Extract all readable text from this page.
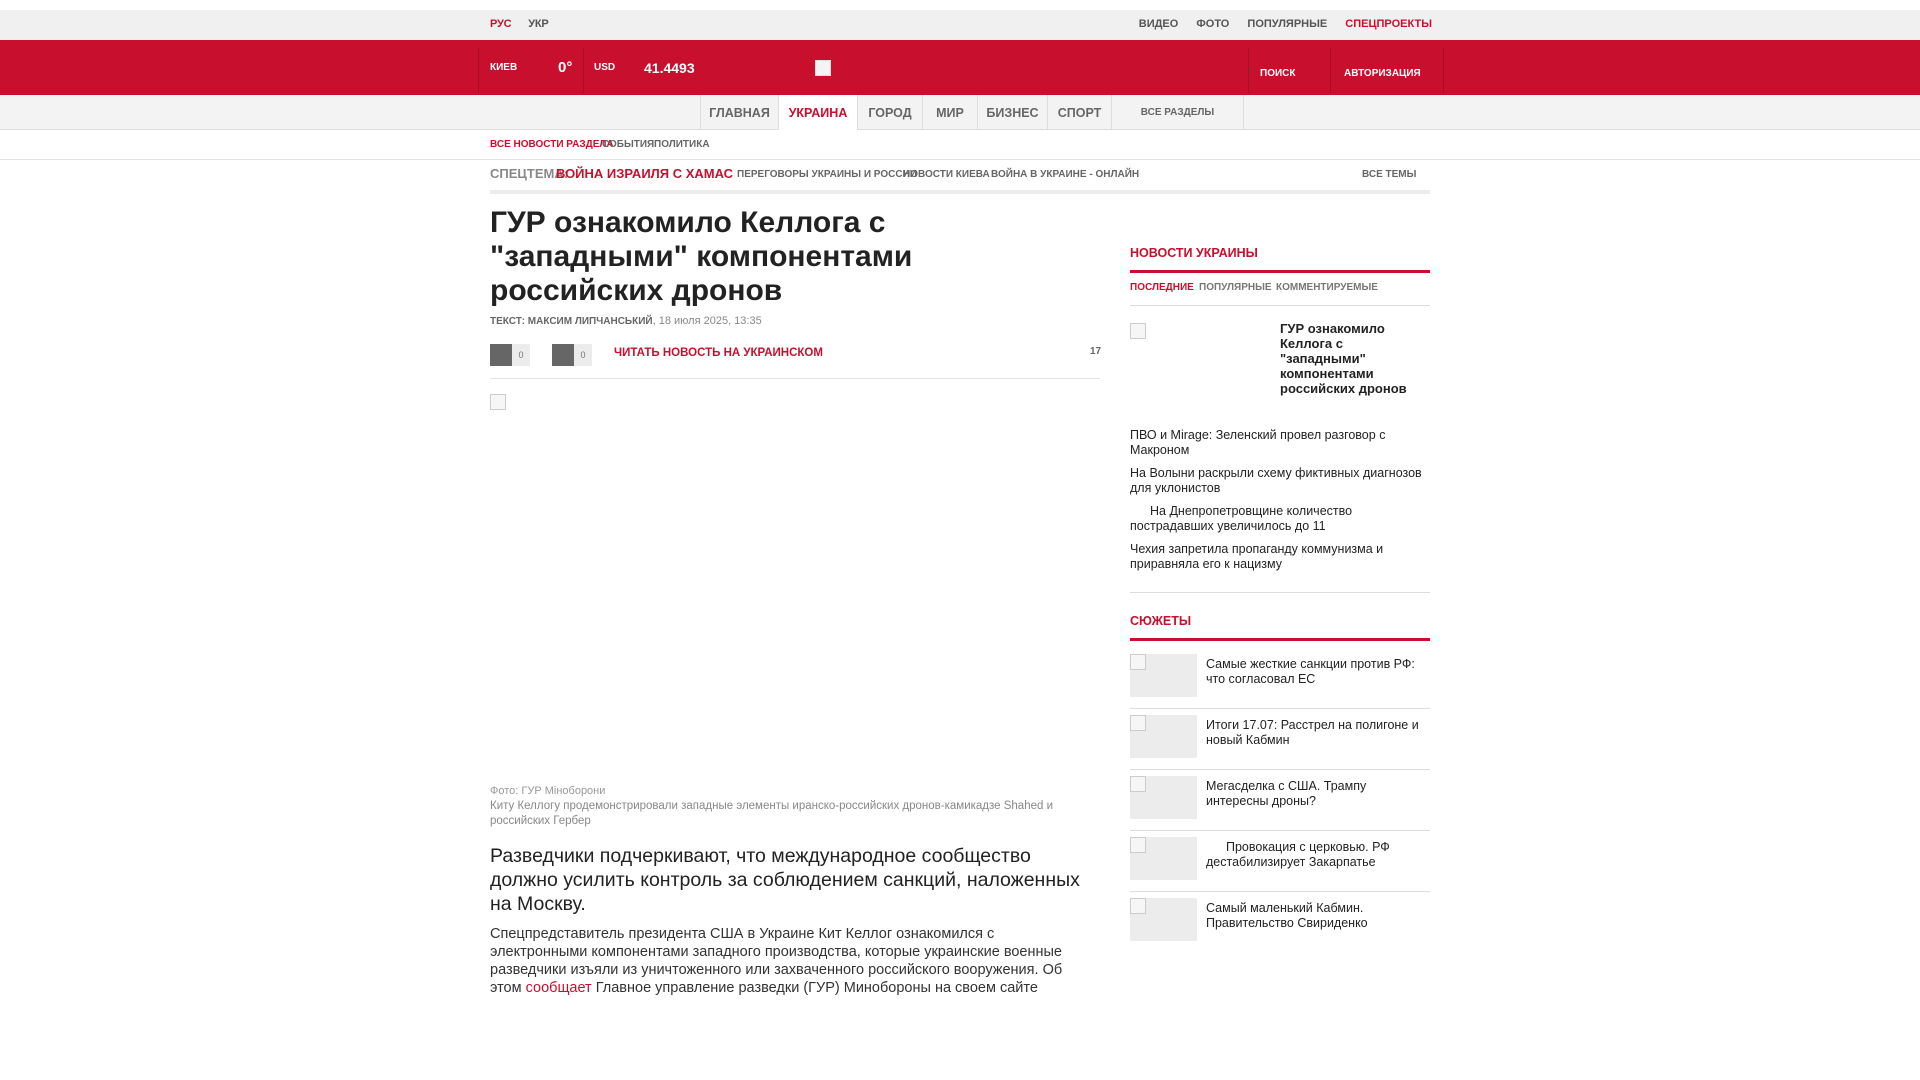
РУС УКР	ВИДЕО ФОТО ПОПУЛЯРНЫЕ СПЕЦПРОЕКТЫ
КИЕВ	0° USD 41.4493	ПОИСК	АВТОРИЗАЦИЯ
ГЛАВНАЯ	УКРАИНА	ГОРОД	МИР	БИЗНЕС	СПОРТ	ВСЕ РАЗДЕЛЫ
ВСЕ НОВОСТИ РАЗДЕЛА
СОБЫТИЯ ПОЛИТИКА
СПЕЦТЕМА:
ВОЙНА ИЗРАИЛЯ С ХАМАС ПЕРЕГОВОРЫ УКРАИНЫ И РОССИИ
НОВОСТИ КИЕВА ВОЙНА В УКРАИНЕ - ОНЛАЙН	ВСЕ ТЕМЫ
ГУР ознакомило Келлога с "западными" компонентами российских дронов
ТЕКСТ: МАКСИМ ЛИПЧАНСЬКИЙ, 18 июля 2025, 13:35
0	0	ЧИТАТЬ НОВОСТЬ НА УКРАИНСКОМ	17
Фото: ГУР Міноборони
Киту Келлогу продемонстрировали западные элементы иранско-российских дронов-камикадзе Shahed и российских Гербер

Разведчики подчеркивают, что международное сообщество должно усилить контроль за соблюдением санкций, наложенных на Москву.

Спецпредставитель президента США в Украине Кит Келлог ознакомился с электронными компонентами западного производства, которые украинские военные разведчики изъяли из уничтоженного или захваченного российского вооружения. Об этом сообщает Главное управление разведки (ГУР) Минобороны на своем сайте

НОВОСТИ УКРАИНЫ
ПОСЛЕДНИЕ ПОПУЛЯРНЫЕ КОММЕНТИРУЕМЫЕ
ГУР ознакомило Келлога с "западными" компонентами российских дронов
ПВО и Mirage: Зеленский провел разговор с Макроном
На Волыни раскрыли схему фиктивных диагнозов для уклонистов
На Днепропетровщине количество пострадавших увеличилось до 11
Чехия запретила пропаганду коммунизма и приравняла его к нацизму
СЮЖЕТЫ
Самые жесткие санкции против РФ: что согласовал ЕС
Итоги 17.07: Расстрел на полигоне и новый Кабмин
Мегасделка с США. Трампу интересны дроны?
Провокация с церковью. РФ дестабилизирует Закарпатье
Самый маленький Кабмин. Правительство Свириденко
